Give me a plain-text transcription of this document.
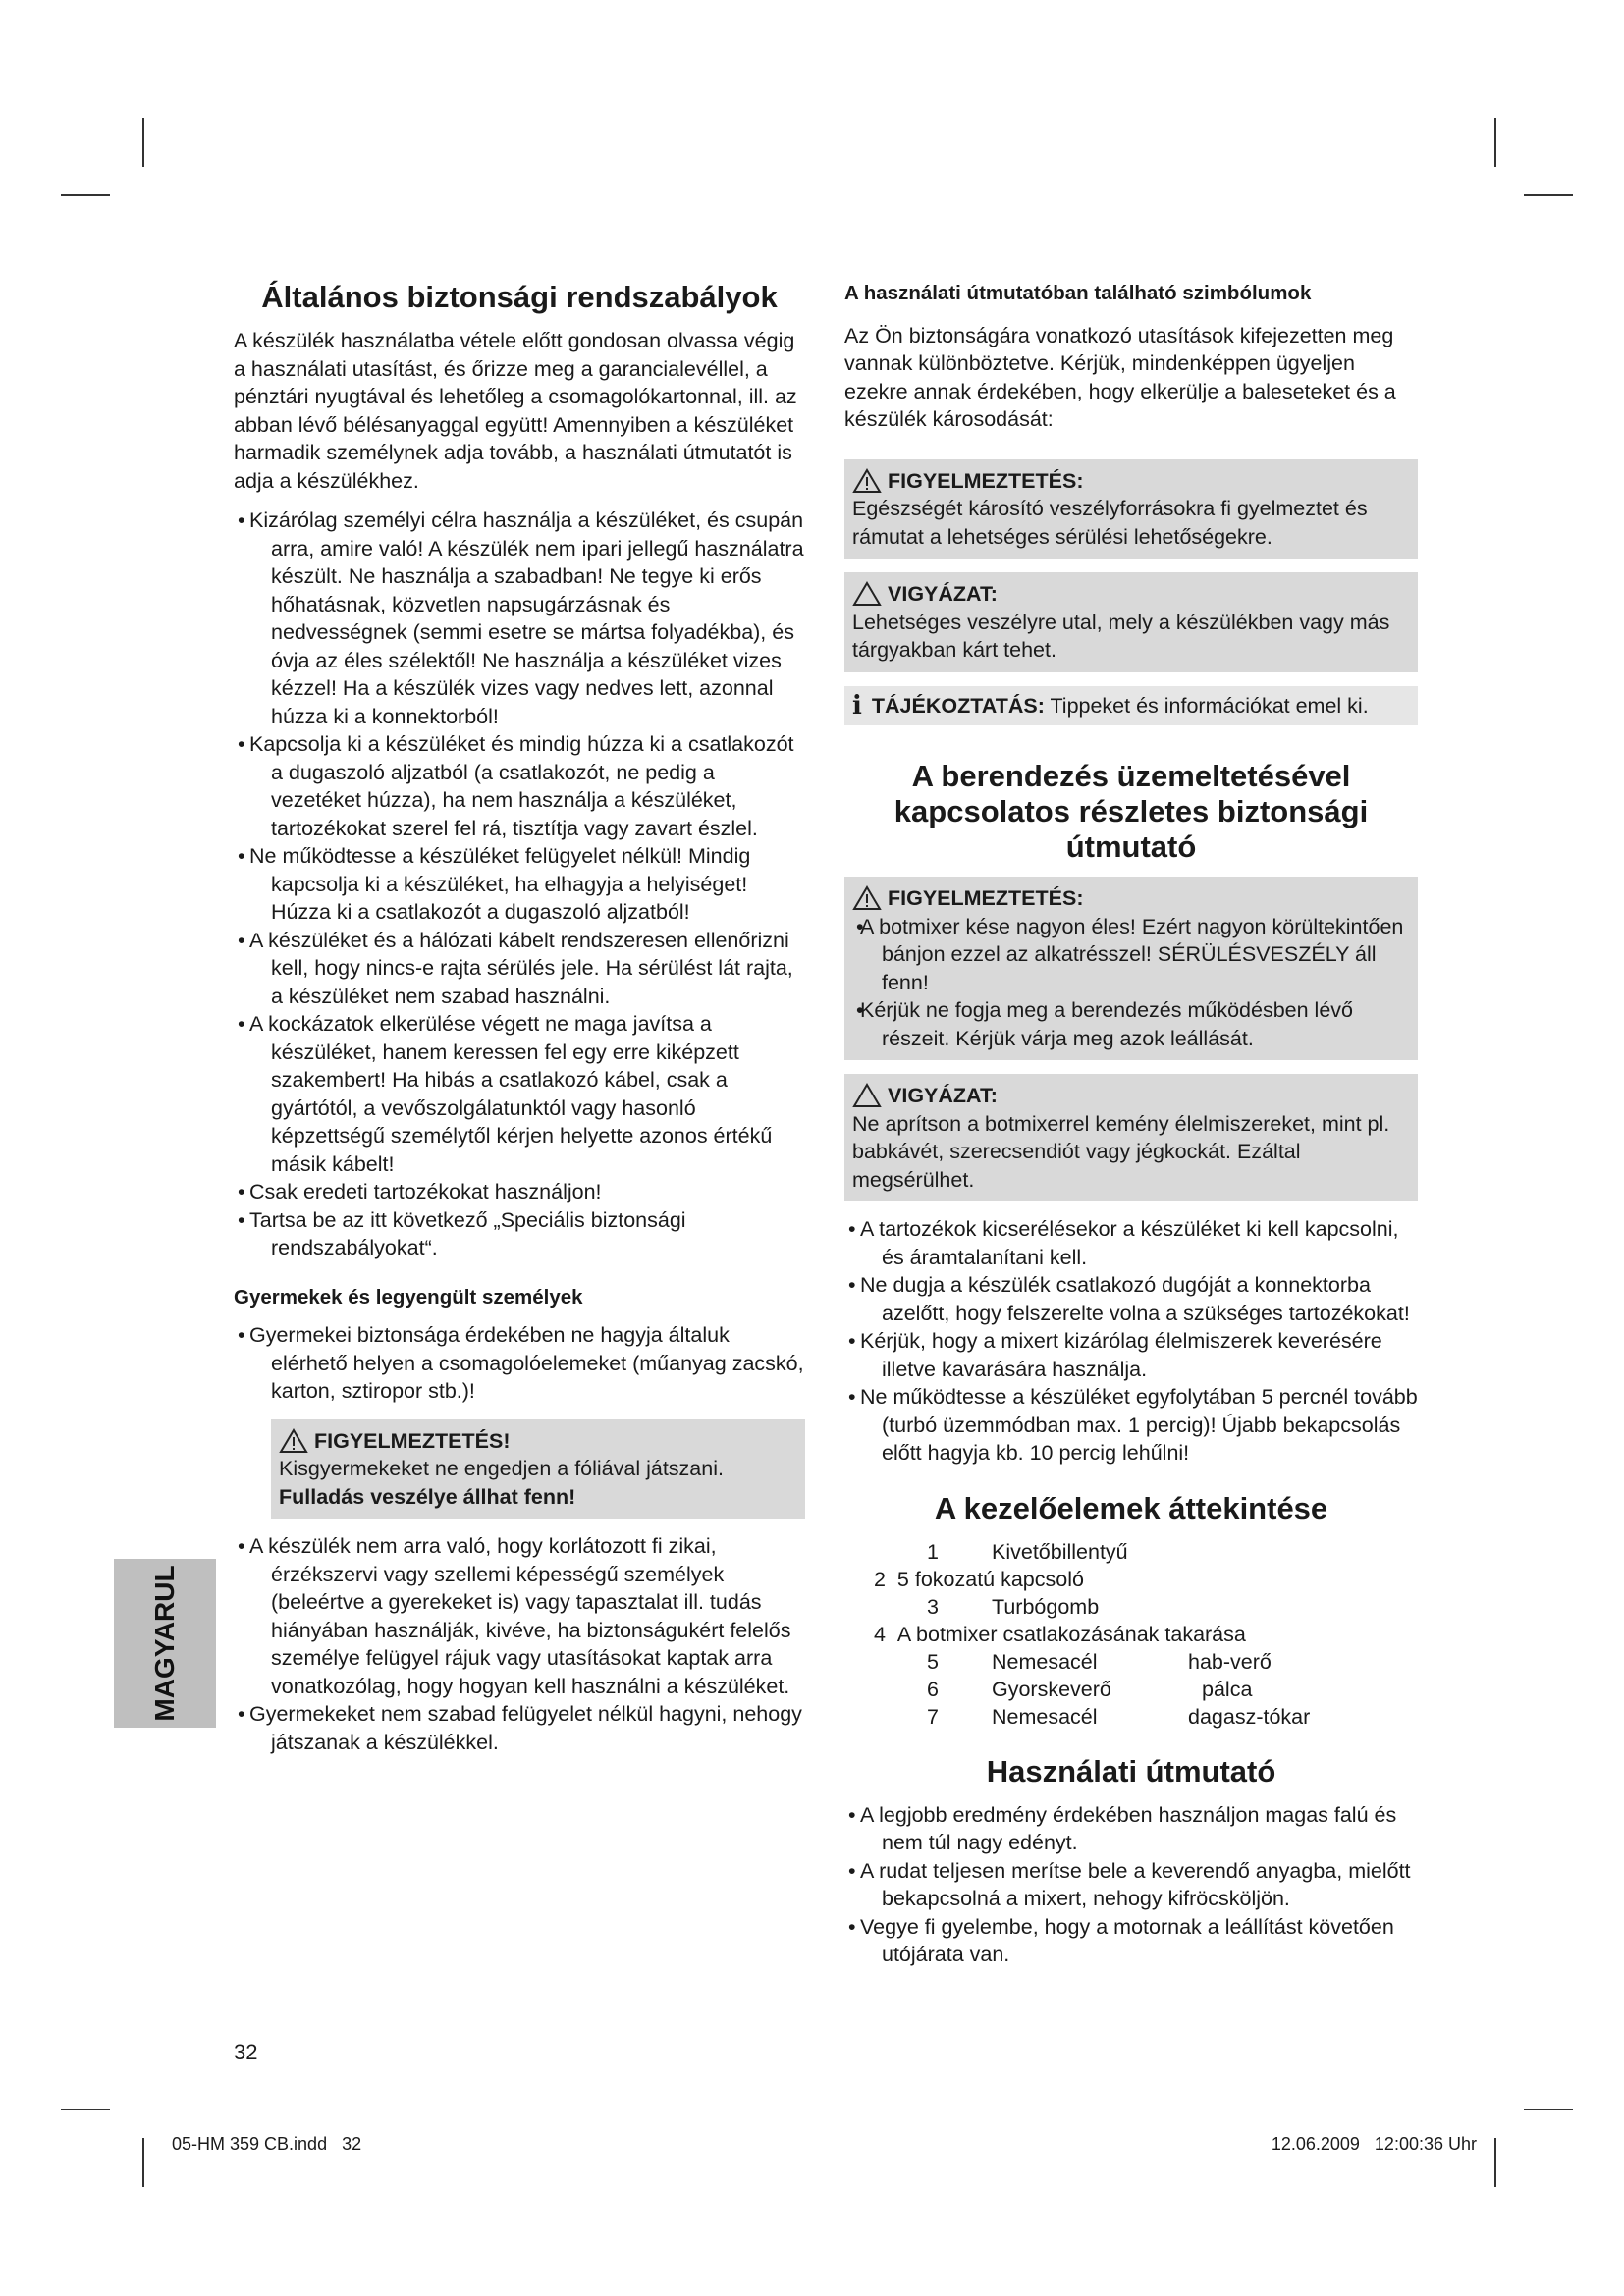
Általános biztonsági rendszabályok

A készülék használatba vétele előtt gondosan olvassa végig a használati utasítást, és őrizze meg a garancialevéllel, a pénztári nyugtával és lehetőleg a csomagolókartonnal, ill. az abban lévő bélésanyaggal együtt! Amennyiben a készüléket harmadik személynek adja tovább, a használati útmutatót is adja a készülékhez.

• Kizárólag személyi célra használja a készüléket, és csupán arra, amire való! A készülék nem ipari jellegű használatra készült. Ne használja a szabadban! Ne tegye ki erős hőhatásnak, közvetlen napsugárzásnak és nedvességnek (semmi esetre se mártsa folyadékba), és óvja az éles szélektől! Ne használja a készüléket vizes kézzel! Ha a készülék vizes vagy nedves lett, azonnal húzza ki a konnektorból!
• Kapcsolja ki a készüléket és mindig húzza ki a csatlakozót a dugaszoló aljzatból (a csatlakozót, ne pedig a vezetéket húzza), ha nem használja a készüléket, tartozékokat szerel fel rá, tisztítja vagy zavart észlel.
• Ne működtesse a készüléket felügyelet nélkül! Mindig kapcsolja ki a készüléket, ha elhagyja a helyiséget! Húzza ki a csatlakozót a dugaszoló aljzatból!
• A készüléket és a hálózati kábelt rendszeresen ellenőrizni kell, hogy nincs-e rajta sérülés jele. Ha sérülést lát rajta, a készüléket nem szabad használni.
• A kockázatok elkerülése végett ne maga javítsa a készüléket, hanem keressen fel egy erre kiképzett szakembert! Ha hibás a csatlakozó kábel, csak a gyártótól, a vevőszolgálatunktól vagy hasonló képzettségű személytől kérjen helyette azonos értékű másik kábelt!
• Csak eredeti tartozékokat használjon!
• Tartsa be az itt következő „Speciális biztonsági rendszabályokat“.
Gyermekek és legyengült személyek
• Gyermekei biztonsága érdekében ne hagyja általuk elérhető helyen a csomagolóelemeket (műanyag zacskó, karton, sztiropor stb.)!
FIGYELMEZTETÉS!
Kisgyermekeket ne engedjen a fóliával játszani. Fulladás veszélye állhat fenn!
• A készülék nem arra való, hogy korlátozott fi zikai, érzékszervi vagy szellemi képességű személyek (beleértve a gyerekeket is) vagy tapasztalat ill. tudás hiányában használják, kivéve, ha biztonságukért felelős személye felügyel rájuk vagy utasításokat kaptak arra vonatkozólag, hogy hogyan kell használni a készüléket.
• Gyermekeket nem szabad felügyelet nélkül hagyni, nehogy játszanak a készülékkel.
A használati útmutatóban található szimbólumok

Az Ön biztonságára vonatkozó utasítások kifejezetten meg vannak különböztetve. Kérjük, mindenképpen ügyeljen ezekre annak érdekében, hogy elkerülje a baleseteket és a készülék károsodását:

FIGYELMEZTETÉS:
Egészségét károsító veszélyforrásokra fi gyelmeztet és rámutat a lehetséges sérülési lehetőségekre.
VIGYÁZAT:
Lehetséges veszélyre utal, mely a készülékben vagy más tárgyakban kárt tehet.
i TÁJÉKOZTATÁS: Tippeket és információkat emel ki.
A berendezés üzemeltetésével kapcsolatos részletes biztonsági útmutató
FIGYELMEZTETÉS:
• A botmixer kése nagyon éles! Ezért nagyon körültekintően bánjon ezzel az alkatrésszel! SÉRÜLÉSVESZÉLY áll fenn!
• Kérjük ne fogja meg a berendezés működésben lévő részeit. Kérjük várja meg azok leállását.
VIGYÁZAT:
Ne aprítson a botmixerrel kemény élelmiszereket, mint pl. babkávét, szerecsendiót vagy jégkockát. Ezáltal megsérülhet.
• A tartozékok kicserélésekor a készüléket ki kell kapcsolni, és áramtalanítani kell.
• Ne dugja a készülék csatlakozó dugóját a konnektorba azelőtt, hogy felszerelte volna a szükséges tartozékokat!
• Kérjük, hogy a mixert kizárólag élelmiszerek keverésére illetve kavarására használja.
• Ne működtesse a készüléket egyfolytában 5 percnél tovább (turbó üzemmódban max. 1 percig)! Újabb bekapcsolás előtt hagyja kb. 10 percig lehűlni!
A kezelőelemek áttekintése
1	Kivetőbillentyű
2 5 fokozatú kapcsoló
3	Turbógomb
4 A botmixer csatlakozásának takarása
5	Nemesacél	hab-verő
6	Gyorskeverő	pálca
7	Nemesacél	dagasz-tókar
Használati útmutató
• A legjobb eredmény érdekében használjon magas falú és nem túl nagy edényt.
• A rudat teljesen merítse bele a keverendő anyagba, mielőtt bekapcsolná a mixert, nehogy kifröcsköljön.
• Vegye fi gyelembe, hogy a motornak a leállítást követően utójárata van.
MAGYARUL
32
05-HM 359 CB.indd   32	12.06.2009   12:00:36 Uhr
